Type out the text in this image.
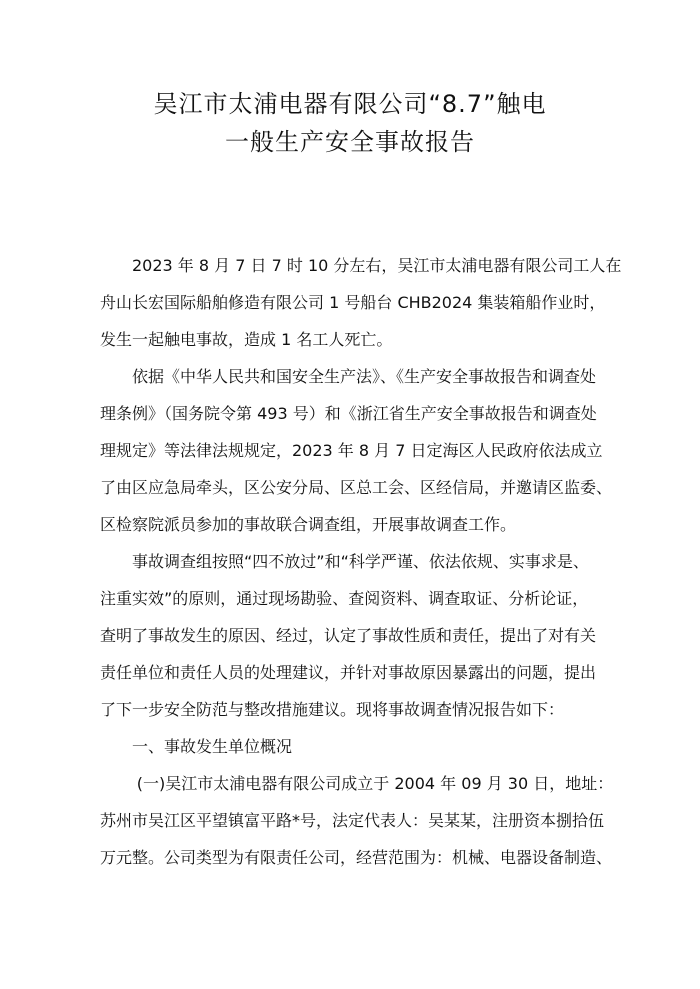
吴江市太浦电器有限公司“8.7”触电
一般生产安全事故报告

2023 年 8 月 7 日 7 时 10 分左右，吴江市太浦电器有限公司工人在
舟山长宏国际船舶修造有限公司 1 号船台 CHB2024 集装箱船作业时，
发生一起触电事故，造成 1 名工人死亡。

依据《中华人民共和国安全生产法》、《生产安全事故报告和调查处
理条例》（国务院令第 493 号）和《浙江省生产安全事故报告和调查处
理规定》等法律法规规定，2023 年 8 月 7 日定海区人民政府依法成立
了由区应急局牵头，区公安分局、区总工会、区经信局，并邀请区监委、
区检察院派员参加的事故联合调查组，开展事故调查工作。

事故调查组按照“四不放过”和“科学严谨、依法依规、实事求是、
注重实效”的原则，通过现场勘验、查阅资料、调查取证、分析论证，
查明了事故发生的原因、经过，认定了事故性质和责任，提出了对有关
责任单位和责任人员的处理建议，并针对事故原因暴露出的问题，提出
了下一步安全防范与整改措施建议。现将事故调查情况报告如下：

一、事故发生单位概况

(一)吴江市太浦电器有限公司成立于 2004 年 09 月 30 日，地址：
苏州市吴江区平望镇富平路*号，法定代表人：吴某某，注册资本捌拾伍
万元整。公司类型为有限责任公司，经营范围为：机械、电器设备制造、
